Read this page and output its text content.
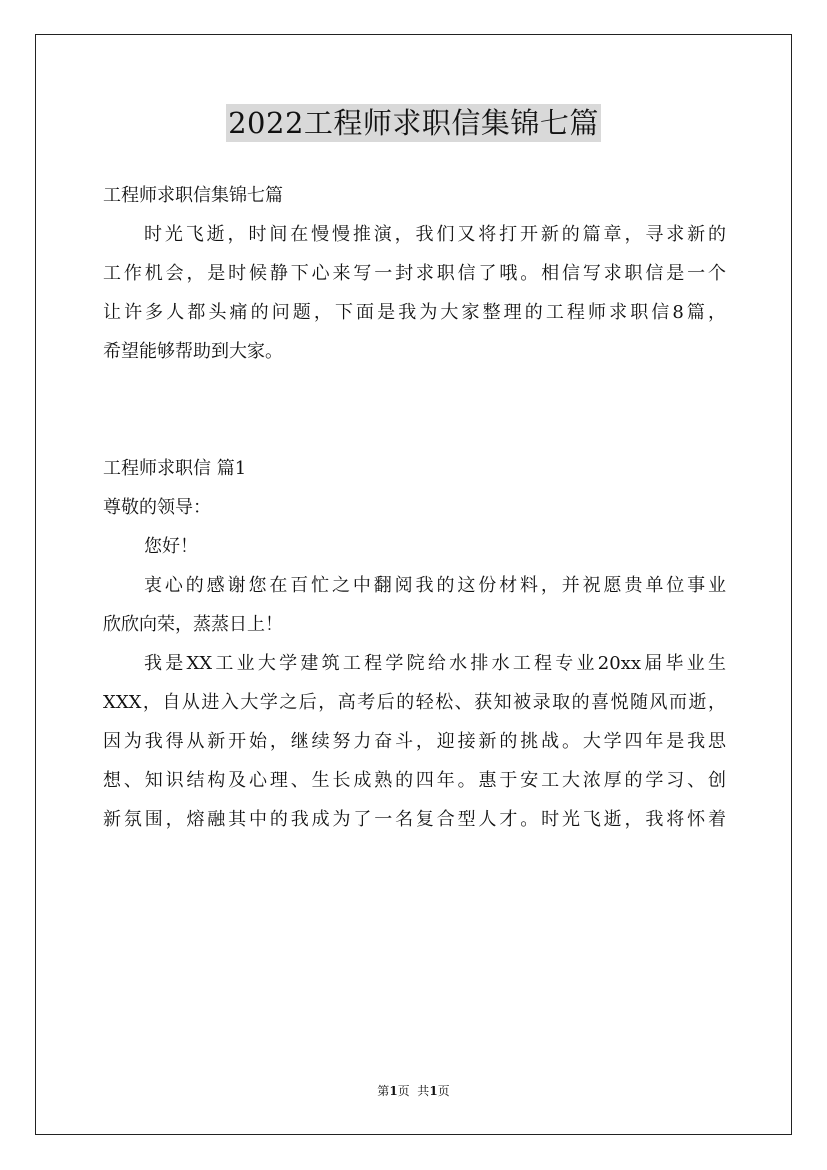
2022工程师求职信集锦七篇
工程师求职信集锦七篇
时光飞逝，时间在慢慢推演，我们又将打开新的篇章，寻求新的
工作机会，是时候静下心来写一封求职信了哦。相信写求职信是一个
让许多人都头痛的问题，下面是我为大家整理的工程师求职信8篇，
希望能够帮助到大家。
工程师求职信 篇1
尊敬的领导：
您好！
衷心的感谢您在百忙之中翻阅我的这份材料，并祝愿贵单位事业
欣欣向荣，蒸蒸日上！
我是XX工业大学建筑工程学院给水排水工程专业20xx届毕业生
XXX，自从进入大学之后，高考后的轻松、获知被录取的喜悦随风而逝，
因为我得从新开始，继续努力奋斗，迎接新的挑战。大学四年是我思
想、知识结构及心理、生长成熟的四年。惠于安工大浓厚的学习、创
新氛围，熔融其中的我成为了一名复合型人才。时光飞逝，我将怀着
第1页  共1页
